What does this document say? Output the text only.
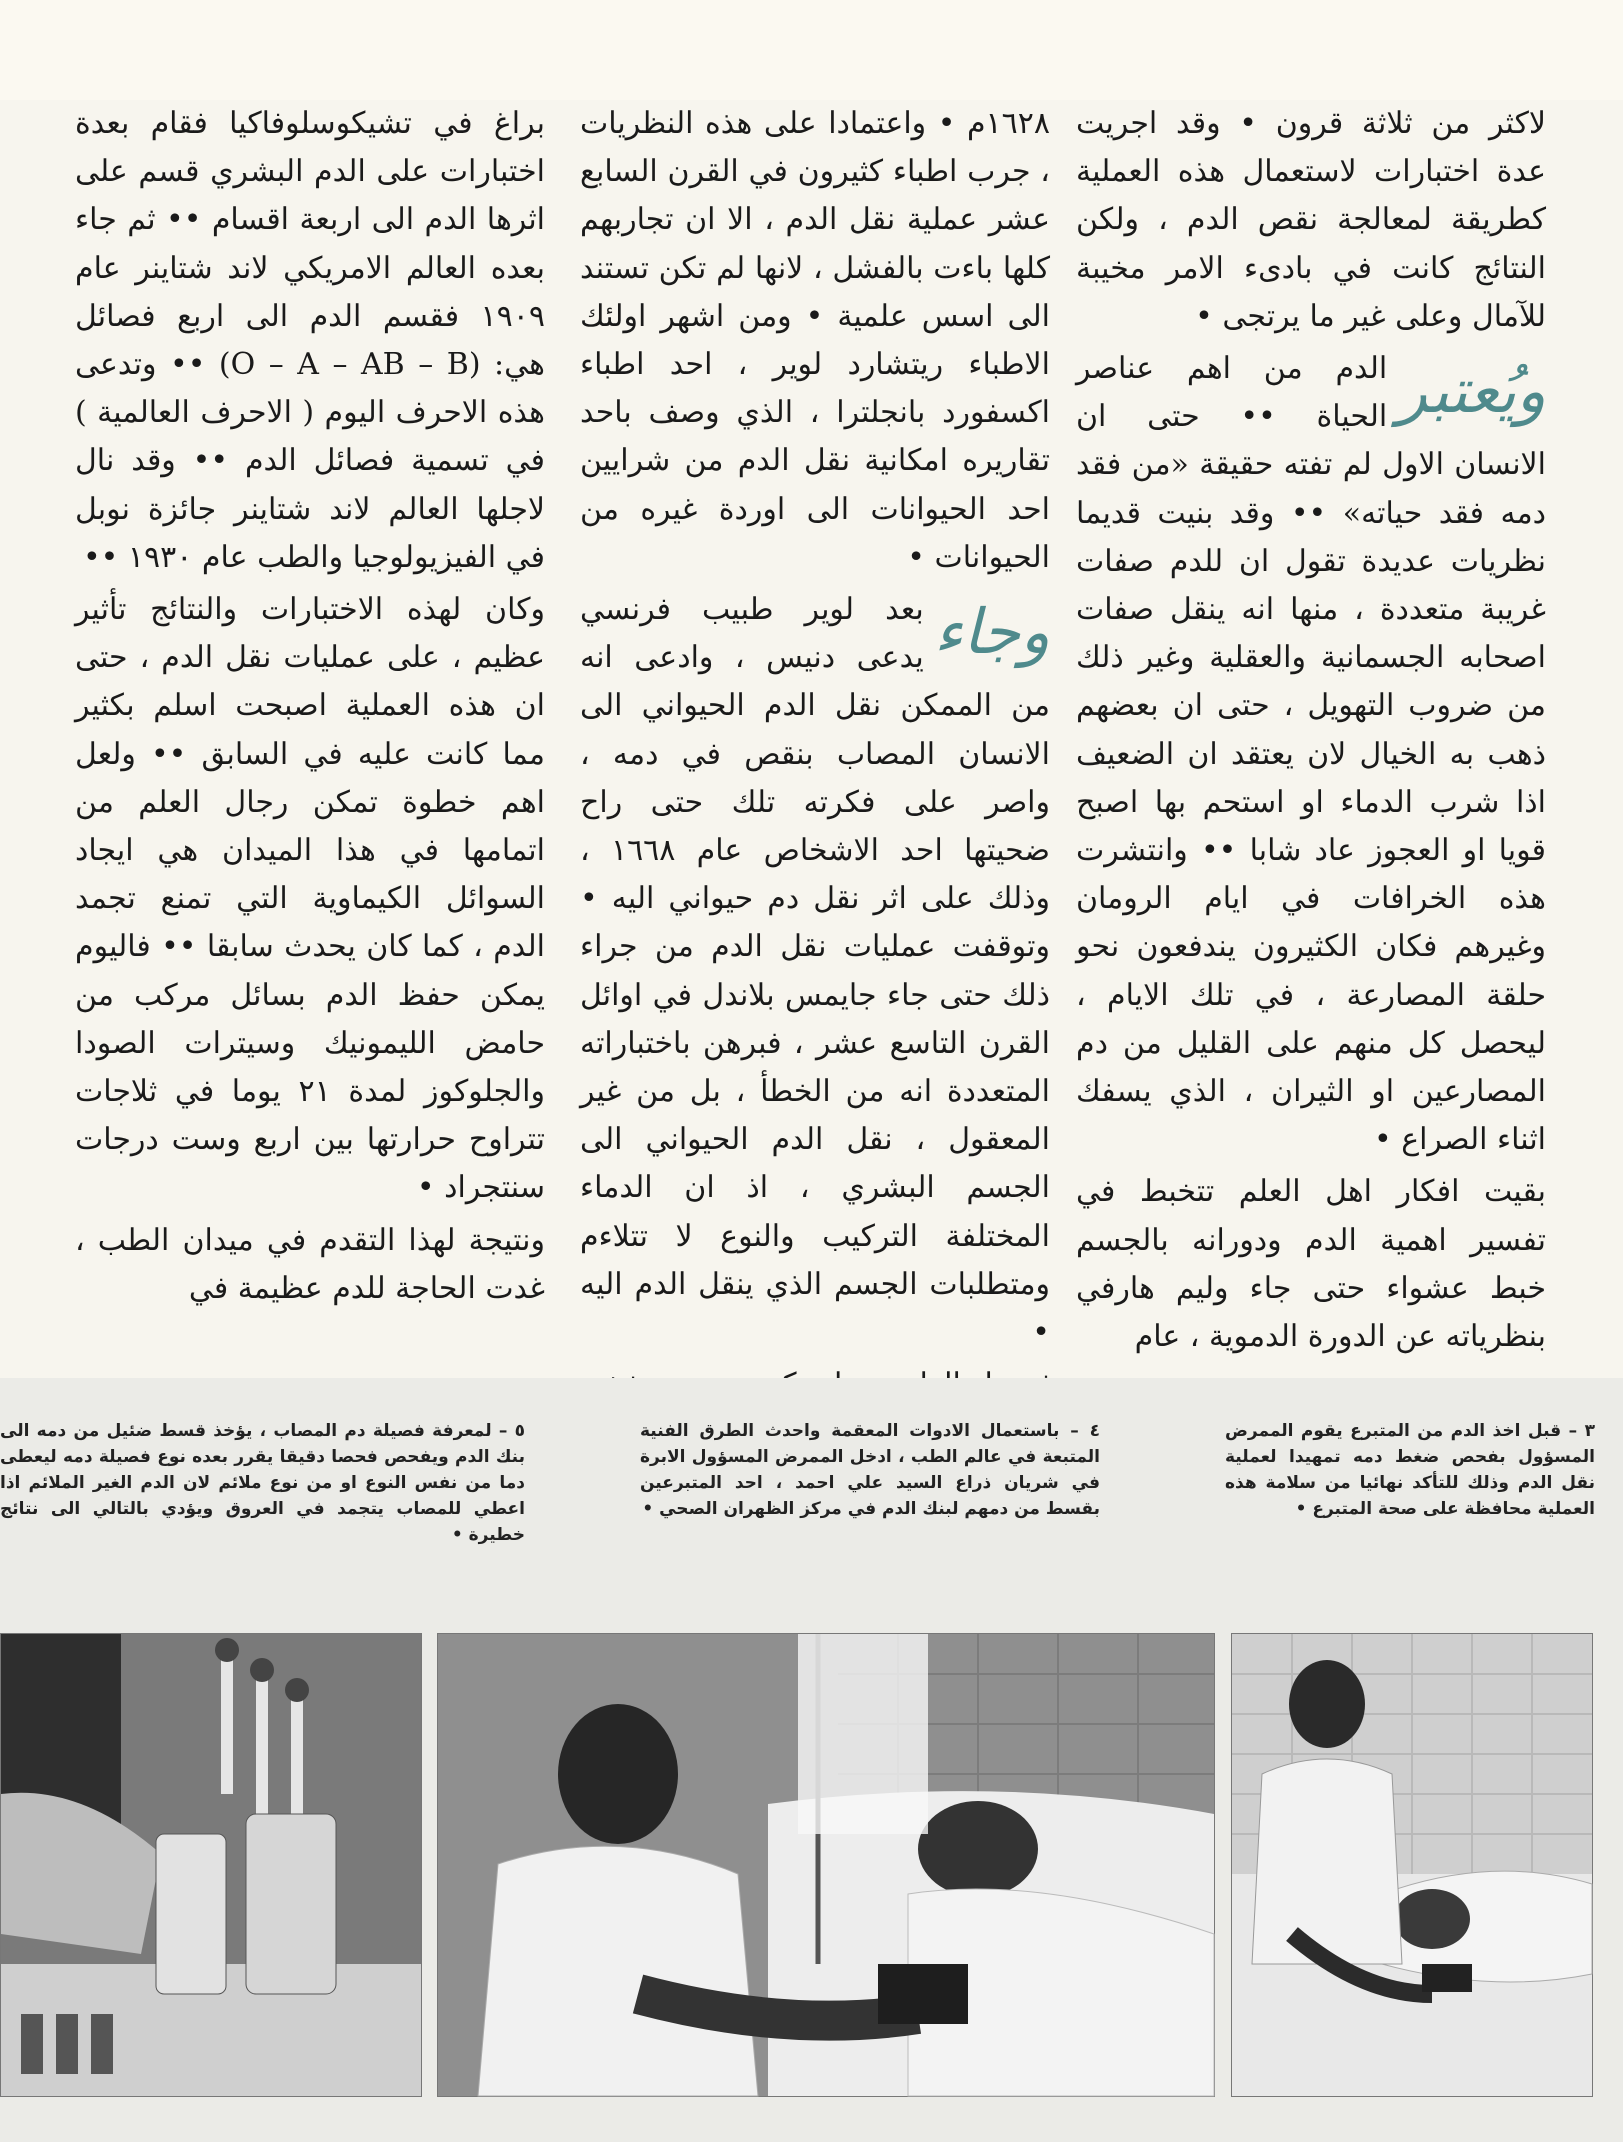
لاكثر من ثلاثة قرون • وقد اجريت عدة اختبارات لاستعمال هذه العملية كطريقة لمعالجة نقص الدم ، ولكن النتائج كانت في بادىء الامر مخيبة للآمال وعلى غير ما يرتجى •

ويُعتبر
الدم من اهم عناصر الحياة •• حتى ان الانسان الاول لم تفته حقيقة «من فقد دمه فقد حياته» •• وقد بنيت قديما نظريات عديدة تقول ان للدم صفات غريبة متعددة ، منها انه ينقل صفات اصحابه الجسمانية والعقلية وغير ذلك من ضروب التهويل ، حتى ان بعضهم ذهب به الخيال لان يعتقد ان الضعيف اذا شرب الدماء او استحم بها اصبح قويا او العجوز عاد شابا •• وانتشرت هذه الخرافات في ايام الرومان وغيرهم فكان الكثيرون يندفعون نحو حلقة المصارعة ، في تلك الايام ، ليحصل كل منهم على القليل من دم المصارعين او الثيران ، الذي يسفك اثناء الصراع •

بقيت افكار اهل العلم تتخبط في تفسير اهمية الدم ودورانه بالجسم خبط عشواء حتى جاء وليم هارفي بنظرياته عن الدورة الدموية ، عام

١٦٢٨م • واعتمادا على هذه النظريات ، جرب اطباء كثيرون في القرن السابع عشر عملية نقل الدم ، الا ان تجاربهم كلها باءت بالفشل ، لانها لم تكن تستند الى اسس علمية • ومن اشهر اولئك الاطباء ريتشارد لوير ، احد اطباء اكسفورد بانجلترا ، الذي وصف باحد تقاريره امكانية نقل الدم من شرايين احد الحيوانات الى اوردة غيره من الحيوانات •

وجاء
بعد لوير طبيب فرنسي يدعى دنيس ، وادعى انه من الممكن نقل الدم الحيواني الى الانسان المصاب بنقص في دمه ، واصر على فكرته تلك حتى راح ضحيتها احد الاشخاص عام ١٦٦٨ ، وذلك على اثر نقل دم حيواني اليه • وتوقفت عمليات نقل الدم من جراء ذلك حتى جاء جايمس بلاندل في اوائل القرن التاسع عشر ، فبرهن باختباراته المتعددة انه من الخطأ ، بل من غير المعقول ، نقل الدم الحيواني الى الجسم البشري ، اذ ان الدماء المختلفة التركيب والنوع لا تتلاءم ومتطلبات الجسم الذي ينقل الدم اليه •

براغ في تشيكوسلوفاكيا فقام بعدة اختبارات على الدم البشري قسم على اثرها الدم الى اربعة اقسام •• ثم جاء بعده العالم الامريكي لاند شتاينر عام ١٩٠٩ فقسم الدم الى اربع فصائل هي: (O – A – AB – B) •• وتدعى هذه الاحرف اليوم ( الاحرف العالمية ) في تسمية فصائل الدم •• وقد نال لاجلها العالم لاند شتاينر جائزة نوبل في الفيزيولوجيا والطب عام ١٩٣٠ ••

وكان لهذه الاختبارات والنتائج تأثير عظيم ، على عمليات نقل الدم ، حتى ان هذه العملية اصبحت اسلم بكثير مما كانت عليه في السابق •• ولعل اهم خطوة تمكن رجال العلم من اتمامها في هذا الميدان هي ايجاد السوائل الكيماوية التي تمنع تجمد الدم ، كما كان يحدث سابقا •• فاليوم يمكن حفظ الدم بسائل مركب من حامض الليمونيك وسيترات الصودا والجلوكوز لمدة ٢١ يوما في ثلاجات تتراوح حرارتها بين اربع وست درجات سنتجراد •

ونتيجة لهذا التقدم في ميدان الطب ، غدت الحاجة للدم عظيمة في

٣ – قبل اخذ الدم من المتبرع يقوم الممرض المسؤول بفحص ضغط دمه تمهيدا لعملية نقل الدم وذلك للتأكد نهائيا من سلامة هذه العملية محافظة على صحة المتبرع •
٤ – باستعمال الادوات المعقمة واحدث الطرق الفنية المتبعة في عالم الطب ، ادخل الممرض المسؤول الابرة في شريان ذراع السيد علي احمد ، احد المتبرعين بقسط من دمهم لبنك الدم في مركز الظهران الصحي •
٥ – لمعرفة فصيلة دم المصاب ، يؤخذ قسط ضئيل من دمه الى بنك الدم ويفحص فحصا دقيقا يقرر بعده نوع فصيلة دمه ليعطى دما من نفس النوع او من نوع ملائم لان الدم الغير الملائم اذا اعطي للمصاب يتجمد في العروق ويؤدي بالتالي الى نتائج خطيرة •
